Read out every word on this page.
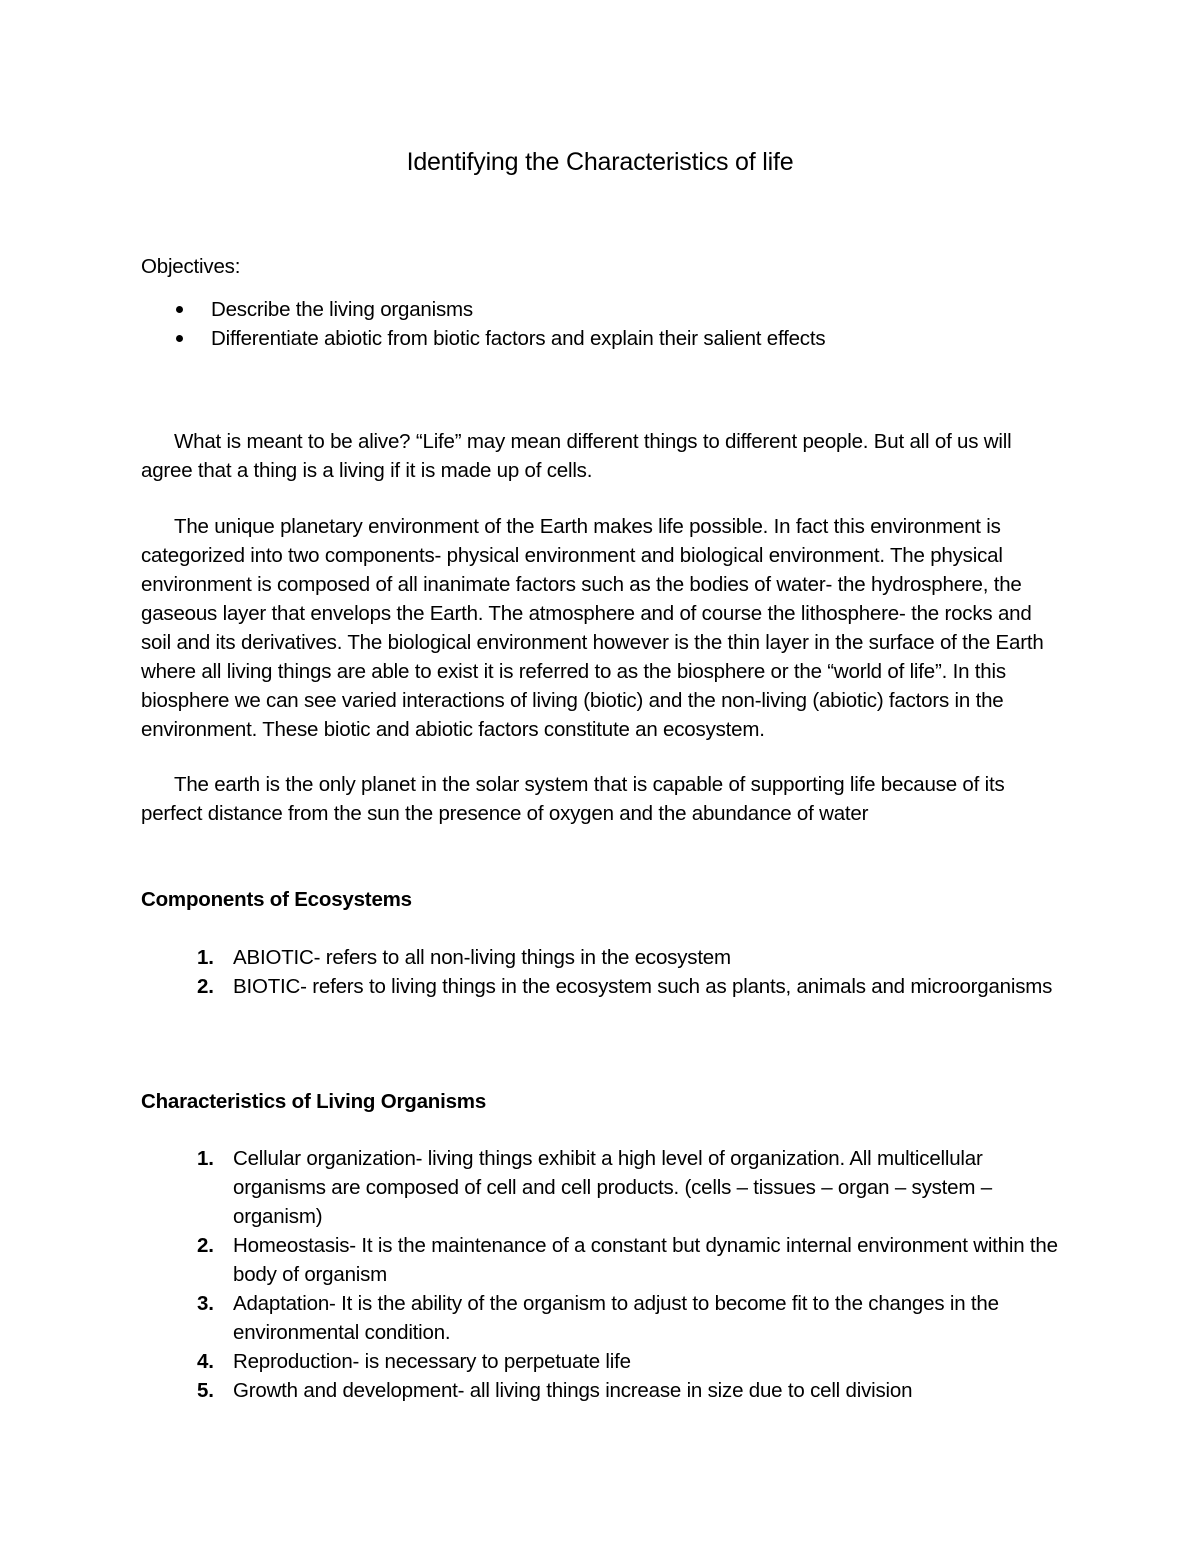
Identifying the Characteristics of life
Objectives:
Describe the living organisms
Differentiate abiotic from biotic factors and explain their salient effects

What is meant to be alive? “Life” may mean different things to different people. But all of us will agree that a thing is a living if it is made up of cells.

The unique planetary environment of the Earth makes life possible. In fact this environment is categorized into two components- physical environment and biological environment. The physical environment is composed of all inanimate factors such as the bodies of water- the hydrosphere, the gaseous layer that envelops the Earth. The atmosphere and of course the lithosphere- the rocks and soil and its derivatives. The biological environment however is the thin layer in the surface of the Earth where all living things are able to exist it is referred to as the biosphere or the “world of life”. In this biosphere we can see varied interactions of living (biotic) and the non-living (abiotic) factors in the environment. These biotic and abiotic factors constitute an ecosystem.

The earth is the only planet in the solar system that is capable of supporting life because of its perfect distance from the sun the presence of oxygen and the abundance of water

Components of Ecosystems
1. ABIOTIC- refers to all non-living things in the ecosystem
2. BIOTIC- refers to living things in the ecosystem such as plants, animals and microorganisms
Characteristics of Living Organisms
1. Cellular organization- living things exhibit a high level of organization. All multicellular organisms are composed of cell and cell products. (cells – tissues – organ – system – organism)
2. Homeostasis- It is the maintenance of a constant but dynamic internal environment within the body of organism
3. Adaptation- It is the ability of the organism to adjust to become fit to the changes in the environmental condition.
4. Reproduction- is necessary to perpetuate life
5. Growth and development- all living things increase in size due to cell division
